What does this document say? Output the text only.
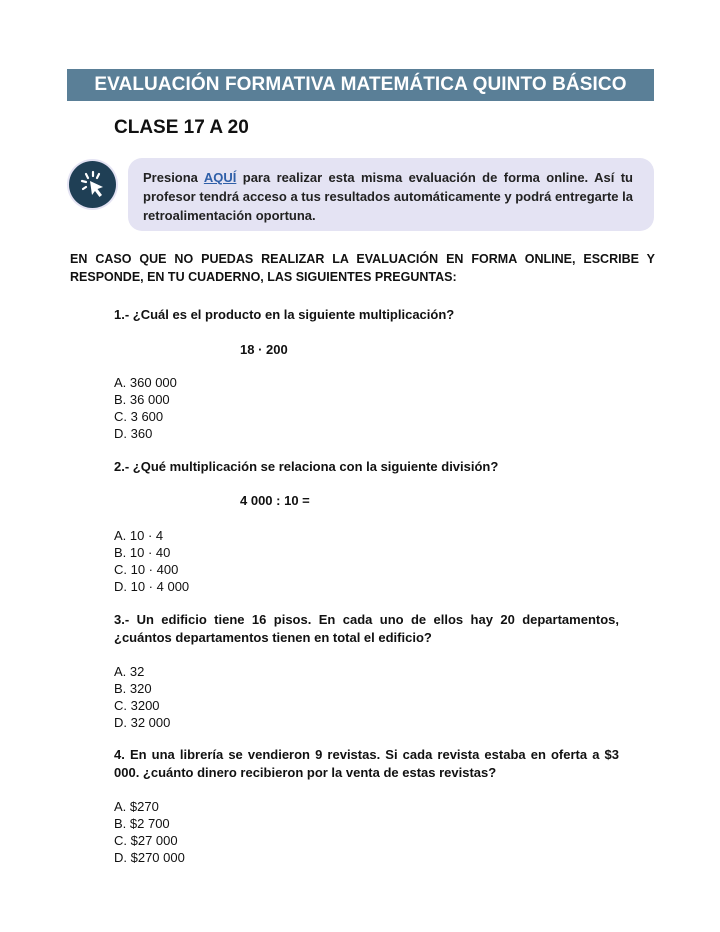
EVALUACIÓN FORMATIVA MATEMÁTICA QUINTO BÁSICO
CLASE 17 A 20
Presiona AQUÍ para realizar esta misma evaluación de forma online. Así tu profesor tendrá acceso a tus resultados automáticamente y podrá entregarte la retroalimentación oportuna.
EN CASO QUE NO PUEDAS REALIZAR LA EVALUACIÓN EN FORMA ONLINE, ESCRIBE Y RESPONDE, EN TU CUADERNO, LAS SIGUIENTES PREGUNTAS:
1.- ¿Cuál es el producto en la siguiente multiplicación?
18 · 200
A. 360 000
B. 36 000
C. 3 600
D. 360
2.- ¿Qué multiplicación se relaciona con la siguiente división?
4 000 : 10 =
A. 10 · 4
B. 10 · 40
C. 10 · 400
D. 10 · 4 000
3.- Un edificio tiene 16 pisos. En cada uno de ellos hay 20 departamentos, ¿cuántos departamentos tienen en total el edificio?
A. 32
B. 320
C. 3200
D. 32 000
4. En una librería se vendieron 9 revistas. Si cada revista estaba en oferta a $3 000. ¿cuánto dinero recibieron por la venta de estas revistas?
A. $270
B. $2 700
C. $27 000
D. $270 000
